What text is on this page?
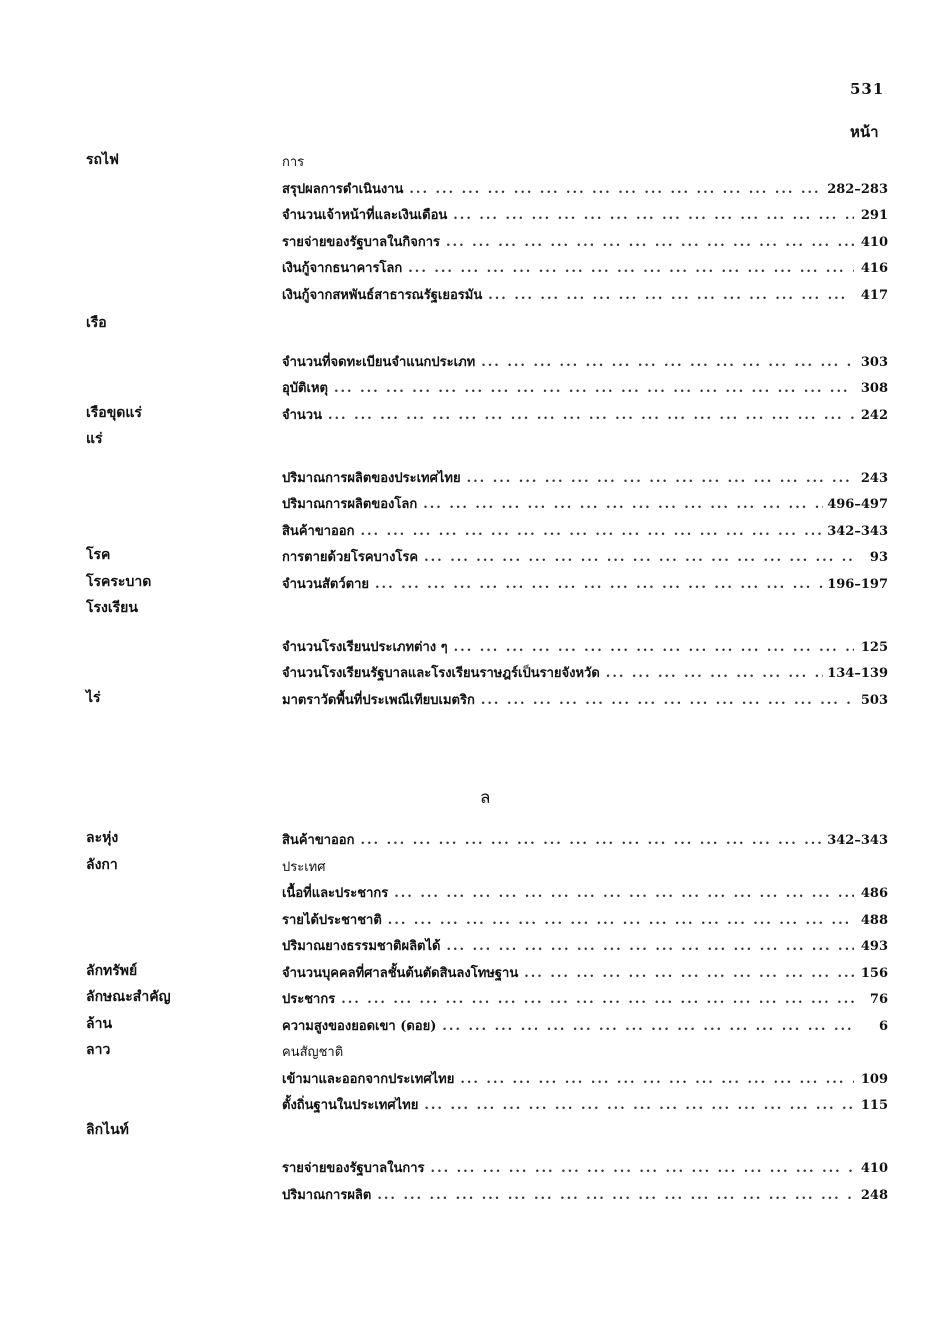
531
หน้า
รถไฟ	การ
สรุปผลการดำเนินงาน ... .	282–283
จำนวนเจ้าหน้าที่และเงินเดือน ... .	291
รายจ่ายของรัฐบาลในกิจการ ... .	410
เงินกู้จากธนาคารโลก ... .	416
เงินกู้จากสหพันธ์สาธารณรัฐเยอรมัน ... .	417
เรือ
จำนวนที่จดทะเบียนจำแนกประเภท ... .	303
อุบัติเหตุ ... .	308
เรือขุดแร่	จำนวน ... .	242
แร่
ปริมาณการผลิตของประเทศไทย ... .	243
ปริมาณการผลิตของโลก ... .	496–497
สินค้าขาออก ... .	342–343
โรค	การตายด้วยโรคบางโรค ... .	93
โรคระบาด	จำนวนสัตว์ตาย ... .	196–197
โรงเรียน
จำนวนโรงเรียนประเภทต่าง ๆ ... .	125
จำนวนโรงเรียนรัฐบาลและโรงเรียนราษฎร์เป็นรายจังหวัด ... .	134–139
ไร่	มาตราวัดพื้นที่ประเพณีเทียบเมตริก ... .	503
ล
ละหุ่ง	สินค้าขาออก ... .	342–343
ลังกา	ประเทศ
เนื้อที่และประชากร ... .	486
รายได้ประชาชาติ ... .	488
ปริมาณยางธรรมชาติผลิตได้ ... .	493
ลักทรัพย์	จำนวนบุคคลที่ศาลชั้นต้นตัดสินลงโทษฐาน ... .	156
ลักษณะสำคัญ	ประชากร ... .	76
ล้าน	ความสูงของยอดเขา (ดอย) ... .	6
ลาว	คนสัญชาติ
เข้ามาและออกจากประเทศไทย ... .	109
ตั้งถิ่นฐานในประเทศไทย ... .	115
ลิกไนท์
รายจ่ายของรัฐบาลในการ ... .	410
ปริมาณการผลิต ... .	248
